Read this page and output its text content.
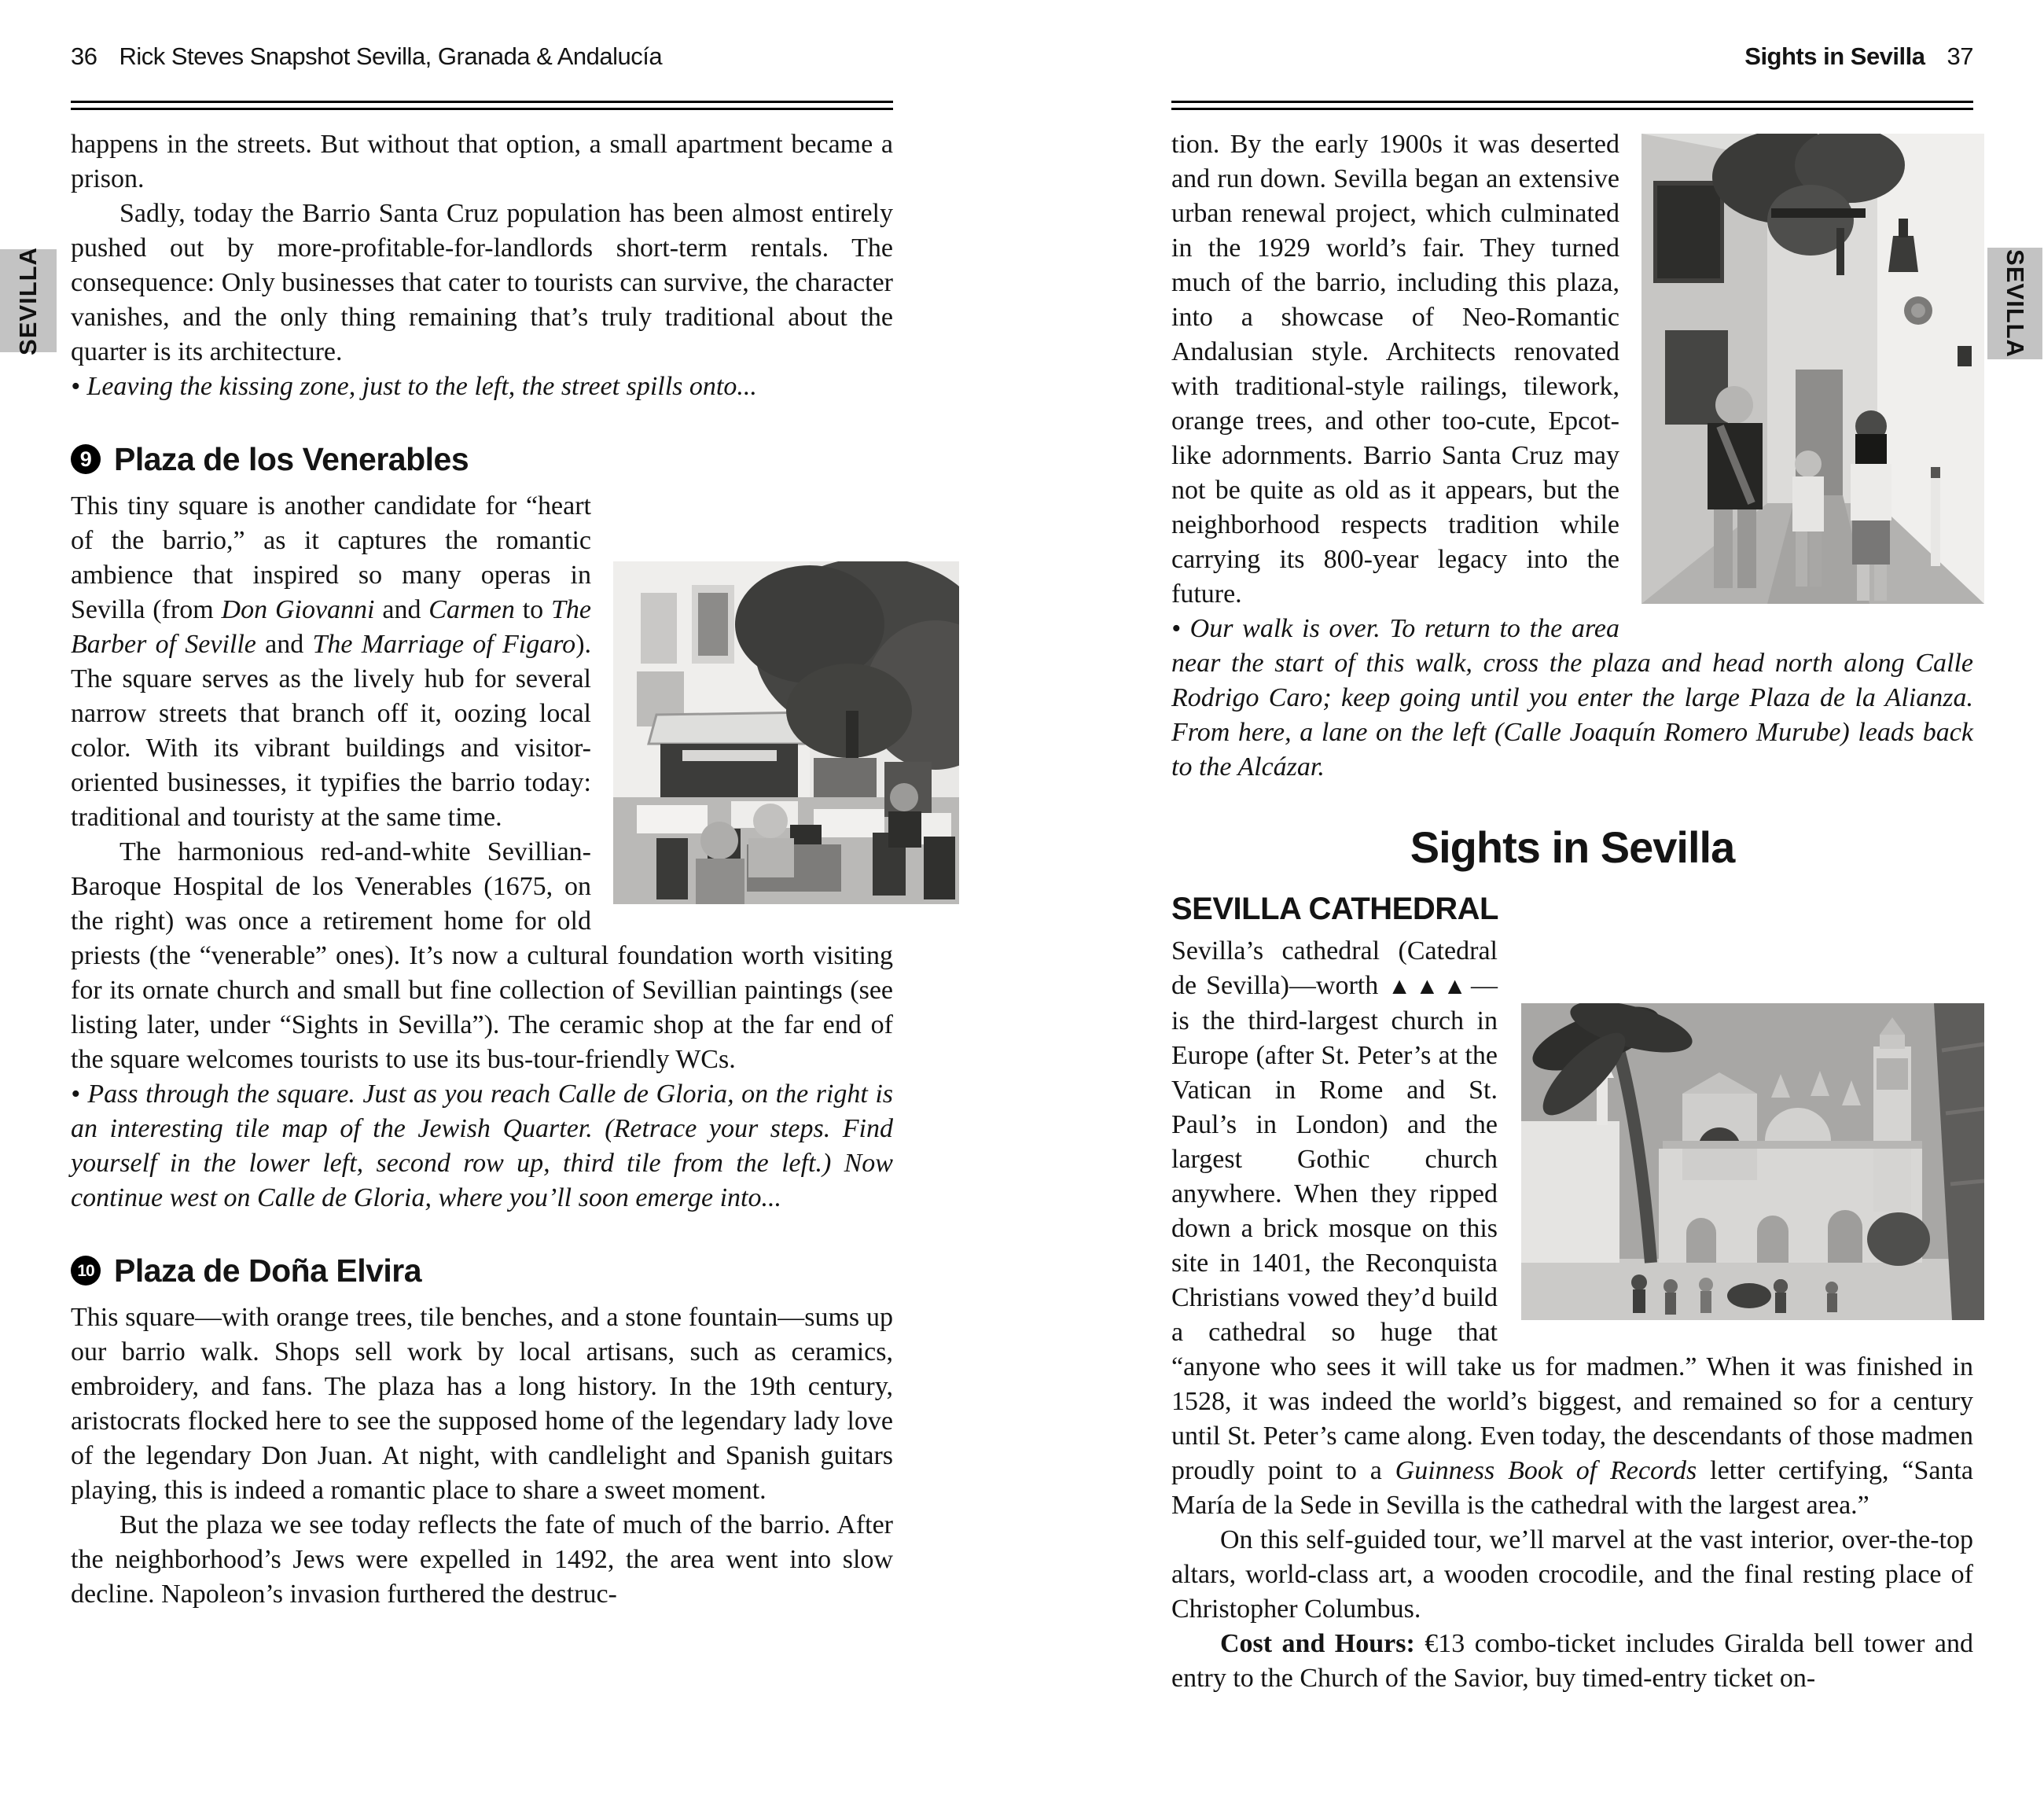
36 Rick Steves Snapshot Sevilla, Granada & Andalucía

happens in the streets. But without that option, a small apartment became a prison.

Sadly, today the Barrio Santa Cruz population has been almost entirely pushed out by more-profitable-for-landlords short-term rentals. The consequence: Only businesses that cater to tourists can survive, the character vanishes, and the only thing remaining that’s truly traditional about the quarter is its architecture.

• Leaving the kissing zone, just to the left, the street spills onto...

9 Plaza de los Venerables

This tiny square is another candidate for “heart of the barrio,” as it captures the romantic ambience that inspired so many operas in Sevilla (from Don Giovanni and Carmen to The Barber of Seville and The Marriage of Figaro). The square serves as the lively hub for several narrow streets that branch off it, oozing local color. With its vibrant buildings and visitor-oriented businesses, it typifies the barrio today: traditional and touristy at the same time.

The harmonious red-and-white Sevillian-Baroque Hospital de los Venerables (1675, on the right) was once a retirement home for old priests (the “venerable” ones). It’s now a cultural foundation worth visiting for its ornate church and small but fine collection of Sevillian paintings (see listing later, under “Sights in Sevilla”). The ceramic shop at the far end of the square welcomes tourists to use its bus-tour-friendly WCs.

• Pass through the square. Just as you reach Calle de Gloria, on the right is an interesting tile map of the Jewish Quarter. (Retrace your steps. Find yourself in the lower left, second row up, third tile from the left.) Now continue west on Calle de Gloria, where you’ll soon emerge into...

10 Plaza de Doña Elvira

This square—with orange trees, tile benches, and a stone fountain—sums up our barrio walk. Shops sell work by local artisans, such as ceramics, embroidery, and fans. The plaza has a long history. In the 19th century, aristocrats flocked here to see the supposed home of the legendary lady love of the legendary Don Juan. At night, with candlelight and Spanish guitars playing, this is indeed a romantic place to share a sweet moment.

But the plaza we see today reflects the fate of much of the barrio. After the neighborhood’s Jews were expelled in 1492, the area went into slow decline. Napoleon’s invasion furthered the destruc-

Sights in Sevilla 37

tion. By the early 1900s it was deserted and run down. Sevilla began an extensive urban renewal project, which culminated in the 1929 world’s fair. They turned much of the barrio, including this plaza, into a showcase of Neo-Romantic Andalusian style. Architects renovated with traditional-style railings, tilework, orange trees, and other too-cute, Epcot-like adornments. Barrio Santa Cruz may not be quite as old as it appears, but the neighborhood respects tradition while carrying its 800-year legacy into the future.

• Our walk is over. To return to the area near the start of this walk, cross the plaza and head north along Calle Rodrigo Caro; keep going until you enter the large Plaza de la Alianza. From here, a lane on the left (Calle Joaquín Romero Murube) leads back to the Alcázar.

Sights in Sevilla
SEVILLA CATHEDRAL

Sevilla’s cathedral (Catedral de Sevilla)—worth ▲▲▲—is the third-largest church in Europe (after St. Peter’s at the Vatican in Rome and St. Paul’s in London) and the largest Gothic church anywhere. When they ripped down a brick mosque on this site in 1401, the Reconquista Christians vowed they’d build a cathedral so huge that “anyone who sees it will take us for madmen.” When it was finished in 1528, it was indeed the world’s biggest, and remained so for a century until St. Peter’s came along. Even today, the descendants of those madmen proudly point to a Guinness Book of Records letter certifying, “Santa María de la Sede in Sevilla is the cathedral with the largest area.”

On this self-guided tour, we’ll marvel at the vast interior, over-the-top altars, world-class art, a wooden crocodile, and the final resting place of Christopher Columbus.

Cost and Hours: €13 combo-ticket includes Giralda bell tower and entry to the Church of the Savior, buy timed-entry ticket on-

SEVILLA	SEVILLA
